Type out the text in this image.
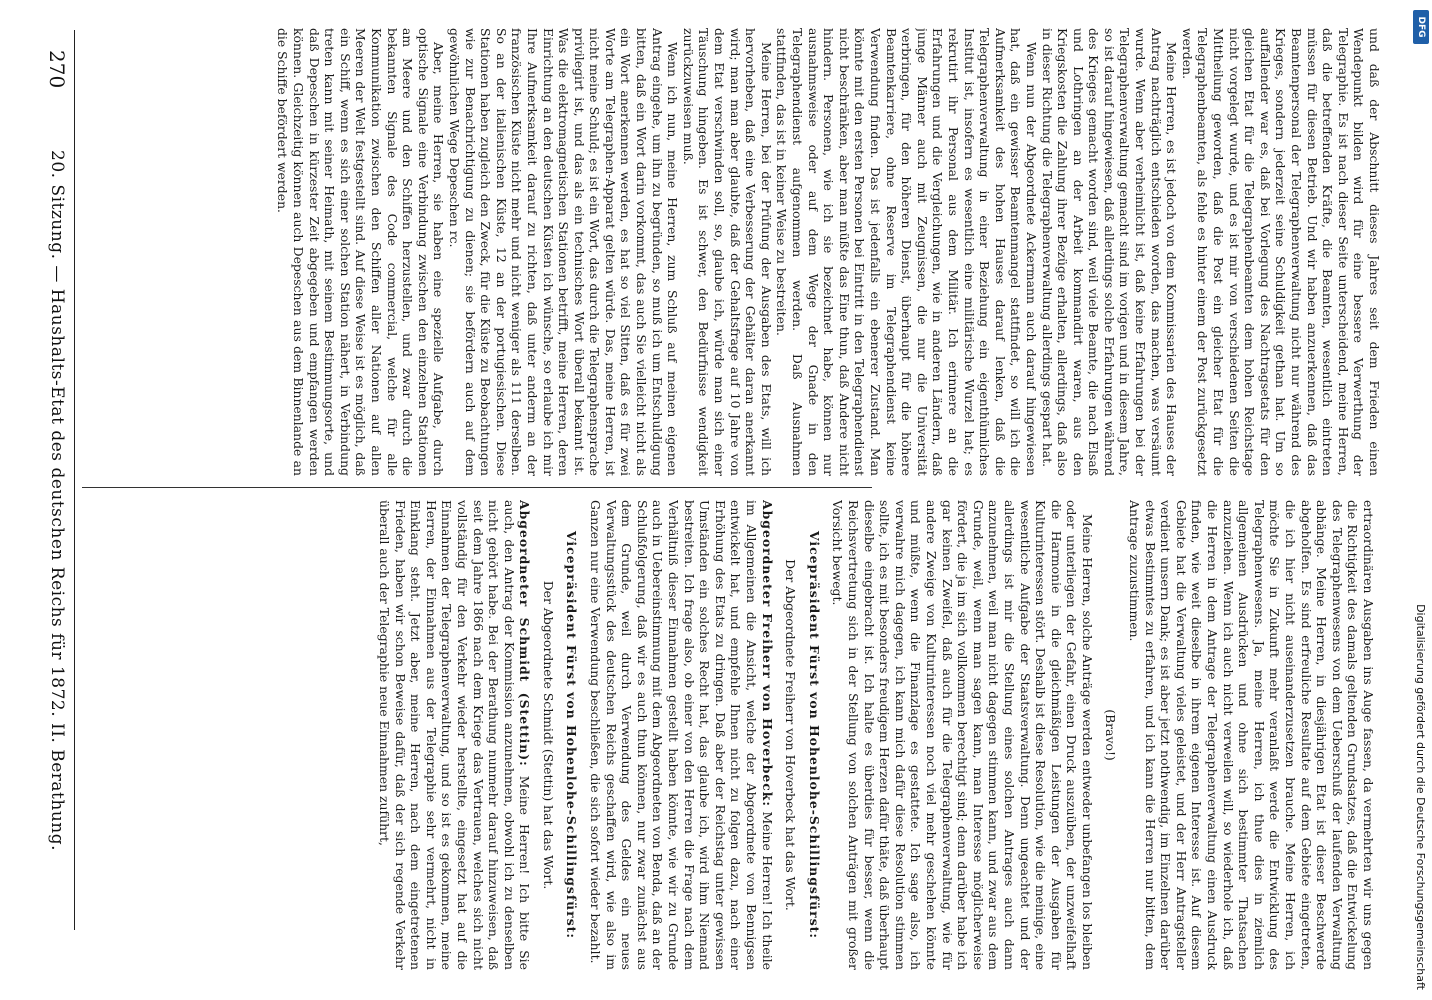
270
20. Sitzung. — Haushalts-Etat des deutschen Reichs für 1872. II. Berathung.	ertraordinären Ausgaben ins Auge fassen, da vermehrten wir uns gegen die Richtigkeit des damals geltenden Grundsatzes, daß die Entwickelung des Telegraphenwesens von dem Ueberschuß der laufenden Verwaltung abhänge. Meine Herren, in diesjährigen Etat ist dieser Beschwerde abgeholfen. Es sind erfreuliche Resultate auf dem Gebiete eingetreten, die ich hier nicht auseinanderzusetzen brauche. Meine Herren, ich möchte Sie in Zukunft mehr veranlaßt werde die Entwicklung des Telegraphenwesens. Ja, meine Herren, ich thue dies in ziemlich allgemeinen Ausdrücken und ohne sich bestimmter Thatsachen anzuziehen. Wenn ich auch nicht verweilen will, so wiederhole ich, daß die Herren in dem Antrage der Telegraphenverwaltung einen Ausdruck finden, wie weit dieselbe in ihrem eigenen Interesse ist. Auf diesem Gebiete hat die Verwaltung vieles geleistet, und der Herr Antragsteller verdient unsern Dank; es ist aber jetzt nothwendig, im Einzelnen darüber etwas Bestimmtes zu erfahren, und ich kann die Herren nur bitten, dem Antrage zuzustimmen.

(Bravo!)

Meine Herren, solche Anträge werden entweder unbefangen los bleiben oder unterliegen der Gefahr, einen Druck auszuüben, der unzweifelhaft die Harmonie in die gleichmäßigen Leistungen der Ausgaben für Kulturinteressen stört. Deshalb ist diese Resolution, wie die meinige, eine wesentliche Aufgabe der Staatsverwaltung. Denn ungeachtet und der allerdings ist mir die Stellung eines solchen Antrages auch dann anzunehmen, weil man nicht dagegen stimmen kann, und zwar aus dem Grunde, weil, wenn man sagen kann, man Interesse möglicherweise fördert, die ja im sich vollkommen berechtigt sind; denn darüber habe ich gar keinen Zweifel, daß auch für die Telegraphenverwaltung, wie für andere Zweige von Kulturinteressen noch viel mehr geschehen könnte und müßte, wenn die Finanzlage es gestattete. Ich sage also, ich verwahre mich dagegen, ich kann mich dafür diese Resolution stimmen sollte, ich es mit besonders freudigem Herzen dafür thäte, daß überhaupt dieselbe eingebracht ist. Ich halte es überdies für besser, wenn die Reichsvertretung sich in der Stellung von solchen Anträgen mit großer Vorsicht bewegt.

Vicepräsident Fürst von Hohenlohe-Schillingsfürst:

Der Abgeordnete Freiherr von Hoverbeck hat das Wort.

Abgeordneter Freiherr von Hoverbeck: Meine Herren! Ich theile im Allgemeinen die Ansicht, welche der Abgeordnete von Bennigsen entwickelt hat, und empfehle Ihnen nicht zu folgen dazu, nach einer Erhöhung des Etats zu dringen. Daß aber der Reichstag unter gewissen Umständen ein solches Recht hat, das glaube ich, wird ihm Niemand bestreiten. Ich frage also, ob einer von den Herren die Frage nach dem Verhältniß dieser Einnahmen gestellt haben könnte, wie wir zu Grunde auch in Uebereinstimmung mit dem Abgeordneten von Benda, daß an der Schlußfolgerung, daß wir es auch thun können, nur zwar zunächst aus dem Grunde, weil durch Verwendung des Geldes ein neues Verwaltungsstück des deutschen Reichs geschaffen wird, wie also im Ganzen nur eine Verwendung beschließen, die sich sofort wieder bezahlt.

Vicepräsident Fürst von Hohenlohe-Schillingsfürst:

Der Abgeordnete Schmidt (Stettin) hat das Wort.

Abgeordneter Schmidt (Stettin): Meine Herren! Ich bitte Sie auch, den Antrag der Kommission anzunehmen, obwohl ich zu denselben nicht gehört habe. Bei der Berathung nunmehr darauf hinzuweisen, daß seit dem Jahre 1866 nach dem Kriege das Vertrauen, welches sich nicht vollständig für den Verkehr wieder herstellte, eingesetzt hat auf die Einnahmen der Telegraphenverwaltung, und so ist es gekommen, meine Herren, der Einnahmen aus der Telegraphie sehr vermehrt, nicht in Einklang steht. Jetzt aber, meine Herren, nach dem eingetretenen Frieden, haben wir schon Beweise dafür, daß der sich regende Verkehr überall auch der Telegraphie neue Einnahmen zuführt,

und daß der Abschnitt dieses Jahres seit dem Frieden einen Wendepunkt bilden wird für eine bessere Verwerthung der Telegraphie. Es ist nach dieser Seite unterscheidend, meine Herren, daß die betreffenden Kräfte, die Beamten, wesentlich eintreten müssen für diesen Betrieb. Und wir haben anzuerkennen, daß das Beamtenpersonal der Telegraphenverwaltung nicht nur während des Krieges, sondern jederzeit seine Schuldigkeit gethan hat. Um so auffallender war es, daß bei Vorlegung des Nachtragsetats für den gleichen Etat für die Telegraphenbeamten dem hohen Reichstage nicht vorgelegt wurde, und es ist mir von verschiedenen Seiten die Mittheilung geworden, daß die Post ein gleicher Etat für die Telegraphenbeamten, als fehle es hinter einem der Post zurückgesetzt werden.

Meine Herren, es ist jedoch von dem Kommissarien des Hauses der Antrag nachträglich entschieden worden, das machen, was versäumt wurde. Wenn aber verheimlicht ist, daß keine Erfahrungen bei der Telegraphenverwaltung gemacht sind im vorigen und in diesem Jahre, so ist darauf hingewiesen, daß allerdings solche Erfahrungen während des Krieges gemacht worden sind, weil viele Beamte, die nach Elsaß und Lothringen an der Arbeit kommandirt waren, aus den Kriegskosten die Zahlung ihrer Bezüge erhalten, allerdings, daß also in dieser Richtung die Telegraphenverwaltung allerdings gespart hat.

Wenn nun der Abgeordnete Ackermann auch darauf hingewiesen hat, daß ein gewisser Beamtenmangel stattfindet, so will ich die Aufmerksamkeit des hohen Hauses darauf lenken, daß die Telegraphenverwaltung in einer Beziehung ein eigenthümliches Institut ist, insofern es wesentlich eine militärische Wurzel hat; es rekrutirt ihr Personal aus dem Militär. Ich erinnere an die Erfahrungen und die Vergleichungen, wie in anderen Ländern, daß junge Männer auch mit Zeugnissen, die nur die Universität verbringen, für den höheren Dienst, überhaupt für die höhere Beamtenkarriere, ohne Reserve im Telegraphendienst keine Verwendung finden. Das ist jedenfalls ein ebenerer Zustand. Man könnte mit den ersten Personen bei Eintritt in den Telegraphendienst nicht beschränken, aber man müßte das Eine thun, daß Andere nicht hindern. Personen, wie ich sie bezeichnet habe, können nur ausnahmsweise oder auf dem Wege der Gnade in den Telegraphendienst aufgenommen werden. Daß Ausnahmen stattfinden, das ist in keiner Weise zu bestreiten.

Meine Herren, bei der Prüfung der Ausgaben des Etats, will ich hervorheben, daß eine Verbesserung der Gehälter daran anerkannt wird; man man aber glaubte, daß der Gehaltsfrage auf 10 Jahre von dem Etat verschwinden soll, so, glaube ich, würde man sich einer Täuschung hingeben. Es ist schwer, den Bedürfnisse wendigkeit zurückzuweisen muß.

Wenn ich nun, meine Herren, zum Schluß auf meinen eigenen Antrag eingehe, um ihn zu begründen, so muß ich um Entschuldigung bitten, daß ein Wort darin vorkommt, das auch Sie vielleicht nicht als ein Wort anerkennen werden, es hat so viel Sitten, daß es für zwei Worte am Telegraphen-Apparat gelten würde. Das, meine Herren, ist nicht meine Schuld; es ist ein Wort, das durch die Telegraphensprache privilegirt ist, und das als ein technisches Wort überall bekannt ist. Was die elektromagnetischen Stationen betrifft, meine Herren, deren Einrichtung an den deutschen Küsten ich wünsche, so erlaube ich mir Ihre Aufmerksamkeit darauf zu richten, daß unter anderm an der französischen Küste nicht mehr und nicht weniger als 111 derselben. So an der italienischen Küste, 12 an der portugiesischen. Diese Stationen haben zugleich den Zweck, für die Küste zu Beobachtungen wie zur Benachrichtigung zu dienen; sie befördern auch auf dem gewöhnlichen Wege Depeschen rc.

Aber, meine Herren, sie haben eine spezielle Aufgabe, durch optische Signale eine Verbindung zwischen den einzelnen Stationen am Meere und den Schiffen herzustellen, und zwar durch die bekannten Signale des Code commercial, welche für alle Kommunikation zwischen den Schiffen aller Nationen auf allen Meeren der Welt festgestellt sind. Auf diese Weise ist es möglich, daß ein Schiff, wenn es sich einer solchen Station nähert, in Verbindung treten kann mit seiner Heimath, mit seinem Bestimmungsorte, und daß Depeschen in kürzester Zeit abgegeben und empfangen werden können. Gleichzeitig können auch Depeschen aus dem Binnenlande an die Schiffe befördert werden.

Digitalisierung gefördert durch die Deutsche Forschungsgemeinschaft
DFG
